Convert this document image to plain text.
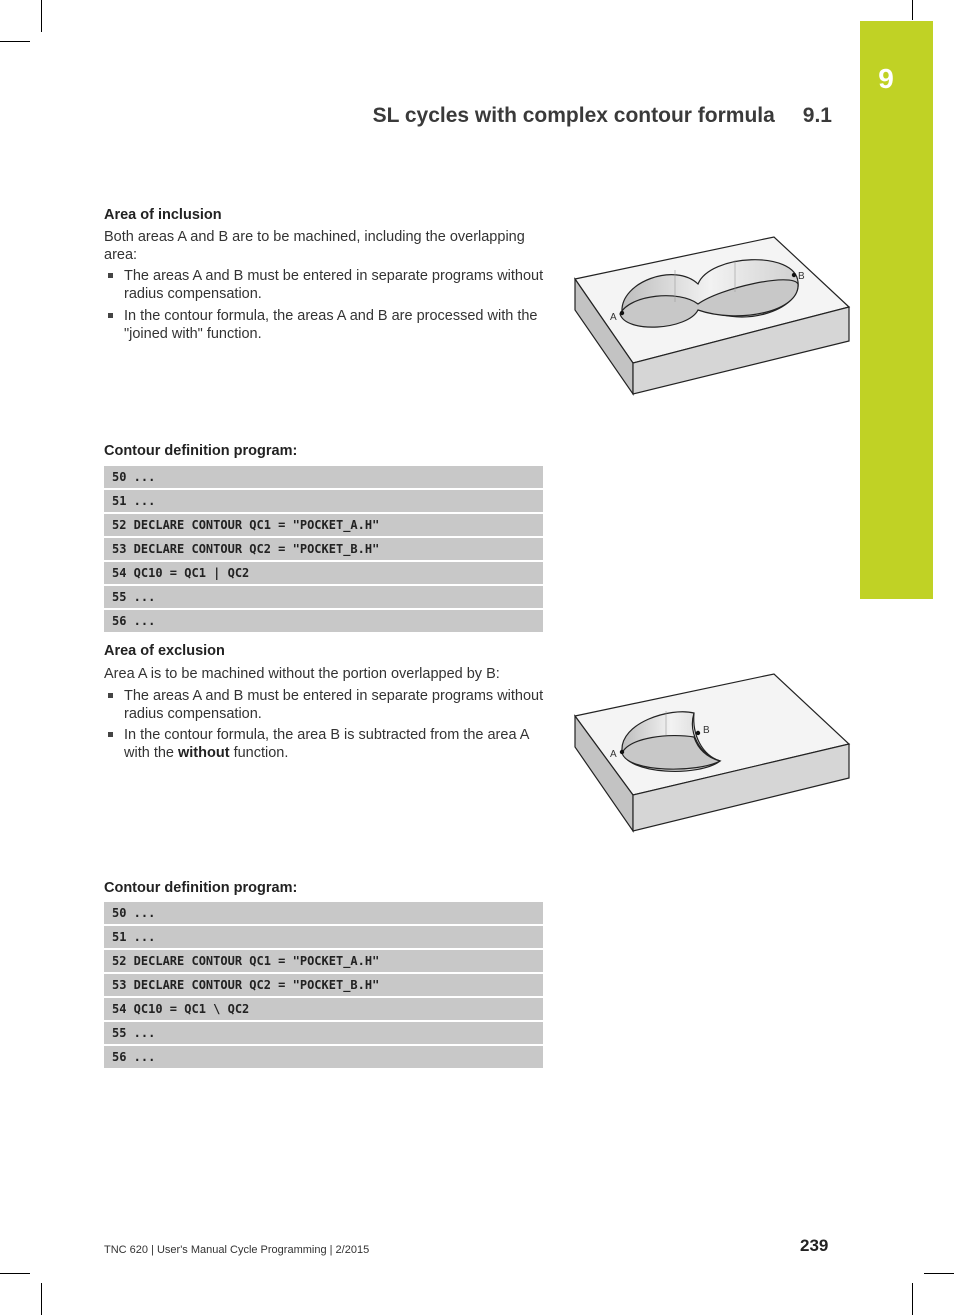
9
SL cycles with complex contour formula 9.1
Area of inclusion
Both areas A and B are to be machined, including the overlapping area:
The areas A and B must be entered in separate programs without radius compensation.
In the contour formula, the areas A and B are processed with the "joined with" function.
A
B
Contour definition program:
50 ...
51 ...
52 DECLARE CONTOUR QC1 = "POCKET_A.H"
53 DECLARE CONTOUR QC2 = "POCKET_B.H"
54 QC10 = QC1 | QC2
55 ...
56 ...
Area of exclusion
Area A is to be machined without the portion overlapped by B:
The areas A and B must be entered in separate programs without radius compensation.
In the contour formula, the area B is subtracted from the area A with the without function.	A
B
Contour definition program:
50 ...
51 ...
52 DECLARE CONTOUR QC1 = "POCKET_A.H"
53 DECLARE CONTOUR QC2 = "POCKET_B.H"
54 QC10 = QC1 \ QC2
55 ...
56 ...
TNC 620 | User's Manual Cycle Programming | 2/2015	239
